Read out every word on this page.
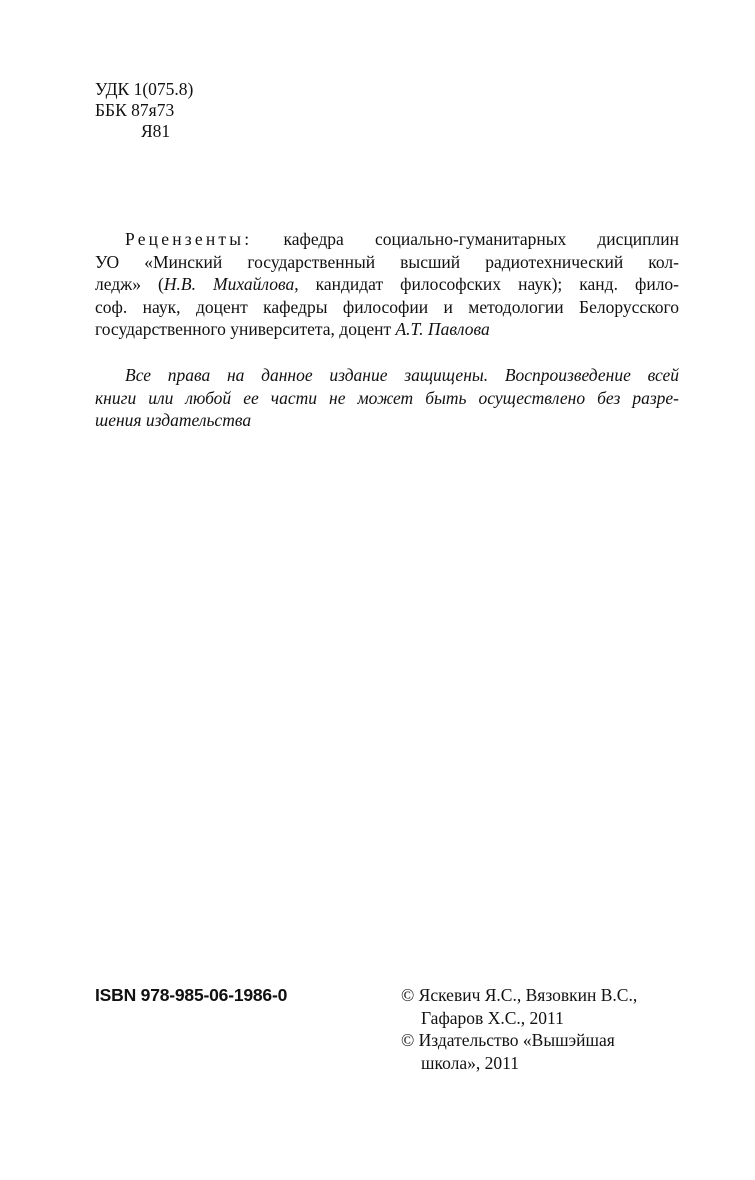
УДК 1(075.8)
ББК 87я73
Я81
Рецензенты: кафедра социально-гуманитарных дисциплин
УО «Минский государственный высший радиотехнический кол-
ледж» (Н.В. Михайлова, кандидат философских наук); канд. фило-
соф. наук, доцент кафедры философии и методологии Белорусского
государственного университета, доцент А.Т. Павлова
Все права на данное издание защищены. Воспроизведение всей
книги или любой ее части не может быть осуществлено без разре-
шения издательства
ISBN 978-985-06-1986-0	© Яскевич Я.С., Вязовкин В.С.,
Гафаров Х.С., 2011
© Издательство «Вышэйшая
школа», 2011
